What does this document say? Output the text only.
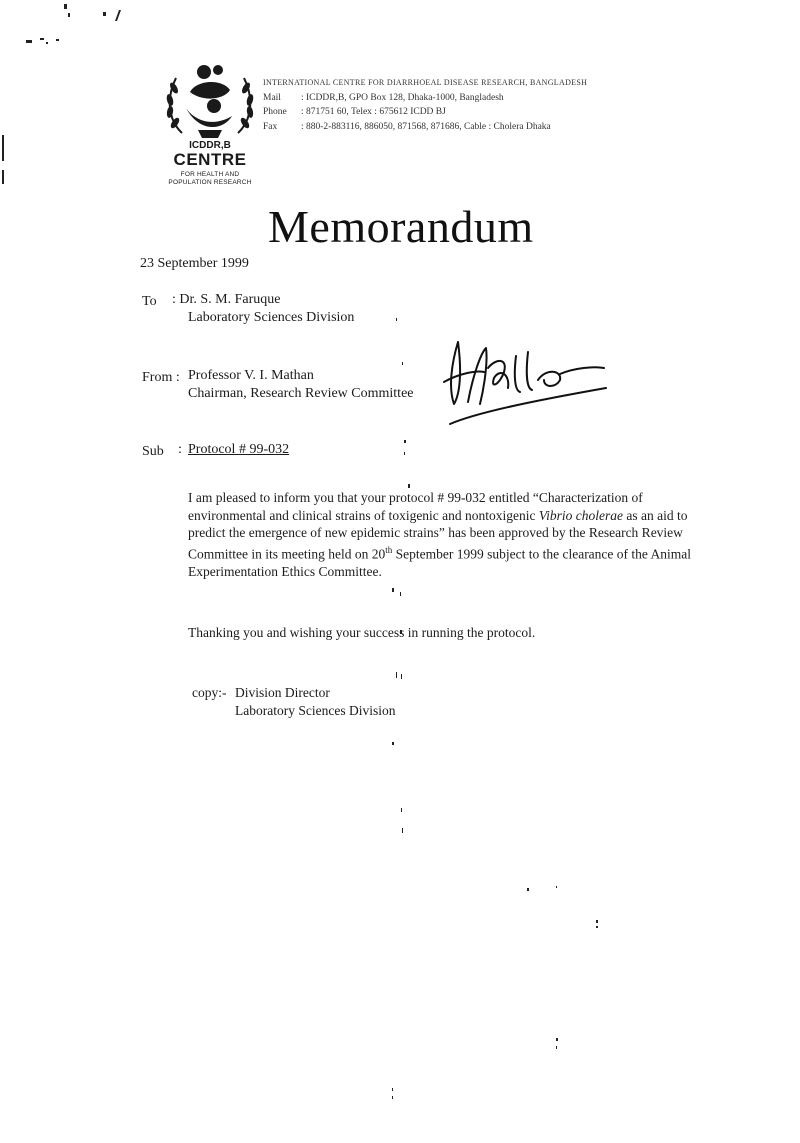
ICDDR,B
CENTRE
FOR HEALTH AND
POPULATION RESEARCH
INTERNATIONAL CENTRE FOR DIARRHOEAL DISEASE RESEARCH, BANGLADESH
Mail : ICDDR,B, GPO Box 128, Dhaka-1000, Bangladesh
Phone : 871751 60, Telex : 675612 ICDD BJ
Fax	: 880-2-883116, 886050, 871568, 871686, Cable : Cholera Dhaka
Memorandum
23 September 1999
To : Dr. S. M. Faruque
Laboratory Sciences Division
From : Professor V. I. Mathan
Chairman, Research Review Committee
Sub : Protocol # 99-032
I am pleased to inform you that your protocol # 99-032 entitled “Characterization of environmental and clinical strains of toxigenic and nontoxigenic Vibrio cholerae as an aid to predict the emergence of new epidemic strains” has been approved by the Research Review Committee in its meeting held on 20th September 1999 subject to the clearance of the Animal Experimentation Ethics Committee.
Thanking you and wishing your success in running the protocol.
copy:- Division Director
Laboratory Sciences Division
